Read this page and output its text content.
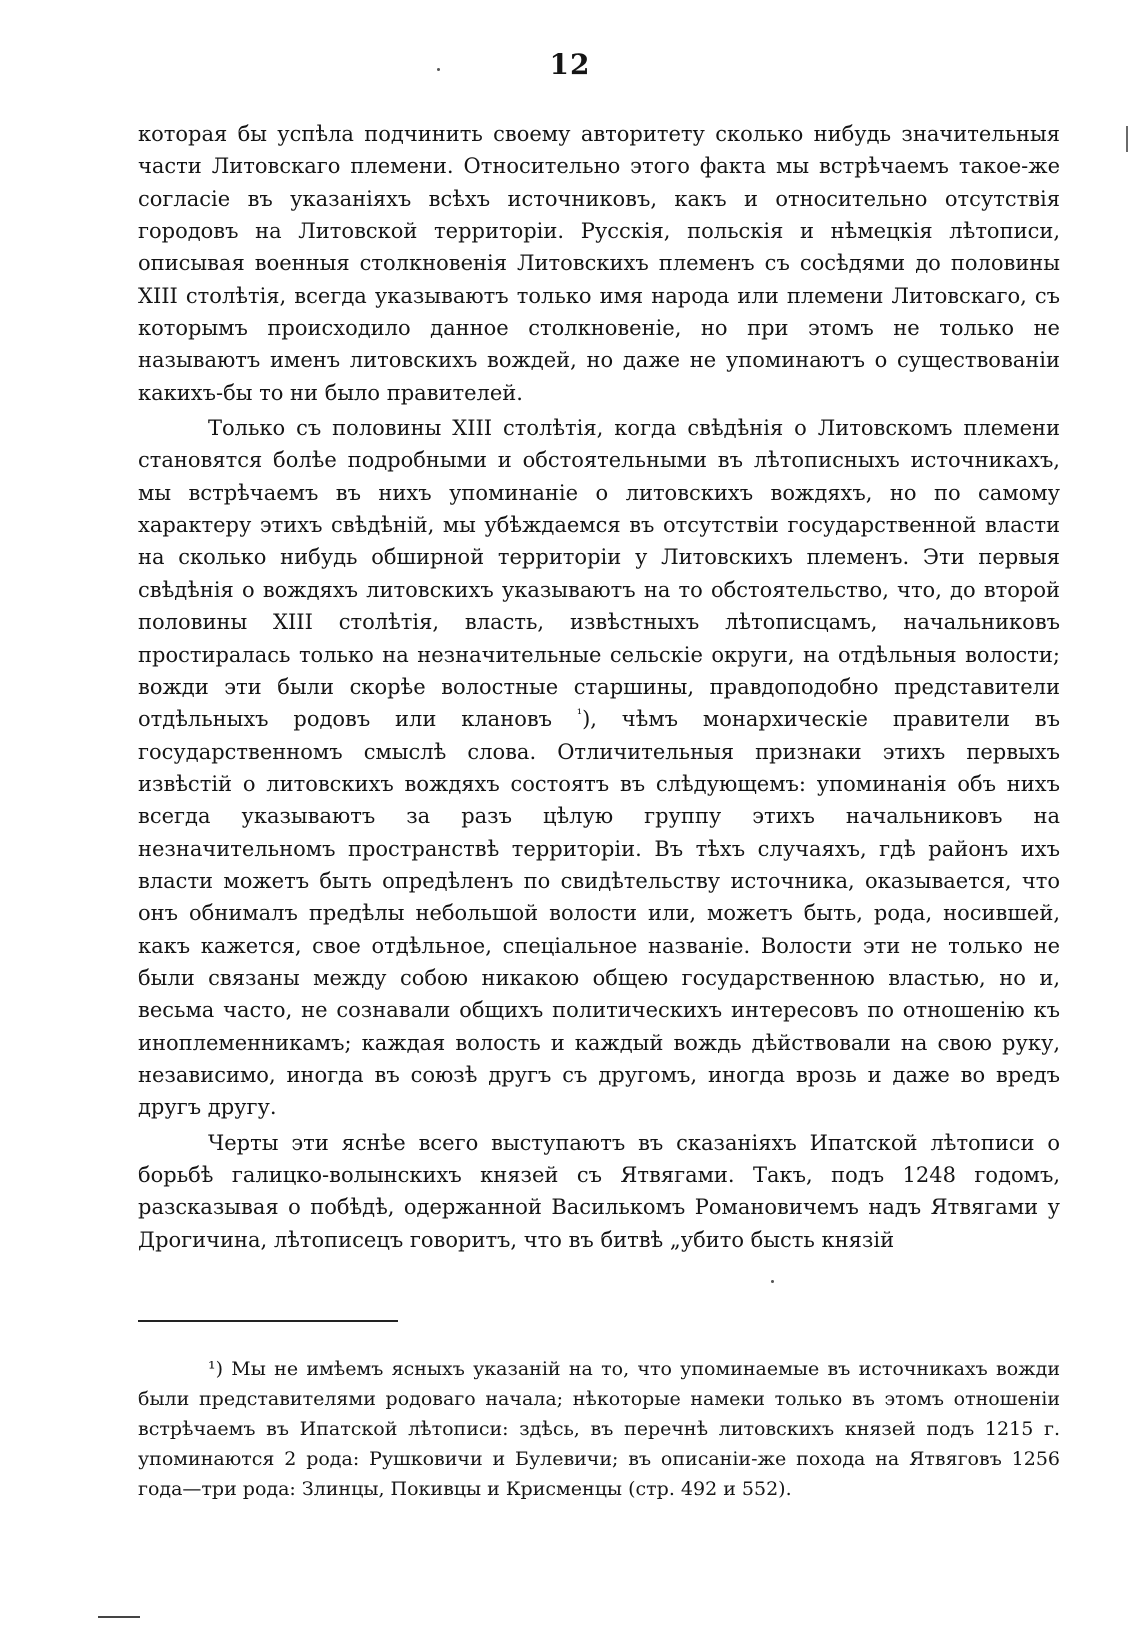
12

которая бы успѣла подчинить своему авторитету сколько нибудь значительныя части Литовскаго племени. Относительно этого факта мы встрѣчаемъ такое-же согласіе въ указаніяхъ всѣхъ источниковъ, какъ и относительно отсутствія городовъ на Литовской территоріи. Русскія, польскія и нѣмецкія лѣтописи, описывая военныя столкновенія Литовскихъ племенъ съ сосѣдями до половины XIII столѣтія, всегда указываютъ только имя народа или племени Литовскаго, съ которымъ происходило данное столкновеніе, но при этомъ не только не называютъ именъ литовскихъ вождей, но даже не упоминаютъ о существованіи какихъ-бы то ни было правителей.

Только съ половины XIII столѣтія, когда свѣдѣнія о Литовскомъ племени становятся болѣе подробными и обстоятельными въ лѣтописныхъ источникахъ, мы встрѣчаемъ въ нихъ упоминаніе о литовскихъ вождяхъ, но по самому характеру этихъ свѣдѣній, мы убѣждаемся въ отсутствіи государственной власти на сколько нибудь обширной территоріи у Литовскихъ племенъ. Эти первыя свѣдѣнія о вождяхъ литовскихъ указываютъ на то обстоятельство, что, до второй половины XIII столѣтія, власть, извѣстныхъ лѣтописцамъ, начальниковъ простиралась только на незначительные сельскіе округи, на отдѣльныя волости; вожди эти были скорѣе волостные старшины, правдоподобно представители отдѣльныхъ родовъ или клановъ $^{^1}$), чѣмъ монархическіе правители въ государственномъ смыслѣ слова. Отличительныя признаки этихъ первыхъ извѣстій о литовскихъ вождяхъ состоятъ въ слѣдующемъ: упоминанія объ нихъ всегда указываютъ за разъ цѣлую группу этихъ начальниковъ на незначительномъ пространствѣ территоріи. Въ тѣхъ случаяхъ, гдѣ районъ ихъ власти можетъ быть опредѣленъ по свидѣтельству источника, оказывается, что онъ обнималъ предѣлы небольшой волости или, можетъ быть, рода, носившей, какъ кажется, свое отдѣльное, спеціальное названіе. Волости эти не только не были связаны между собою никакою общею государственною властью, но и, весьма часто, не сознавали общихъ политическихъ интересовъ по отношенію къ иноплеменникамъ; каждая волость и каждый вождь дѣйствовали на свою руку, независимо, иногда въ союзѣ другъ съ другомъ, иногда врозь и даже во вредъ другъ другу.

Черты эти яснѣе всего выступаютъ въ сказаніяхъ Ипатской лѣтописи о борьбѣ галицко-волынскихъ князей съ Ятвягами. Такъ, подъ 1248 годомъ, разсказывая о побѣдѣ, одержанной Василькомъ Романовичемъ надъ Ятвягами у Дрогичина, лѣтописецъ говоритъ, что въ битвѣ „убито бысть князій

¹) Мы не имѣемъ ясныхъ указаній на то, что упоминаемые въ источникахъ вожди были представителями родоваго начала; нѣкоторые намеки только въ этомъ отношеніи встрѣчаемъ въ Ипатской лѣтописи: здѣсь, въ перечнѣ литовскихъ князей подъ 1215 г. упоминаются 2 рода: Рушковичи и Булевичи; въ описаніи-же похода на Ятвяговъ 1256 года—три рода: Злинцы, Покивцы и Крисменцы (стр. 492 и 552).
